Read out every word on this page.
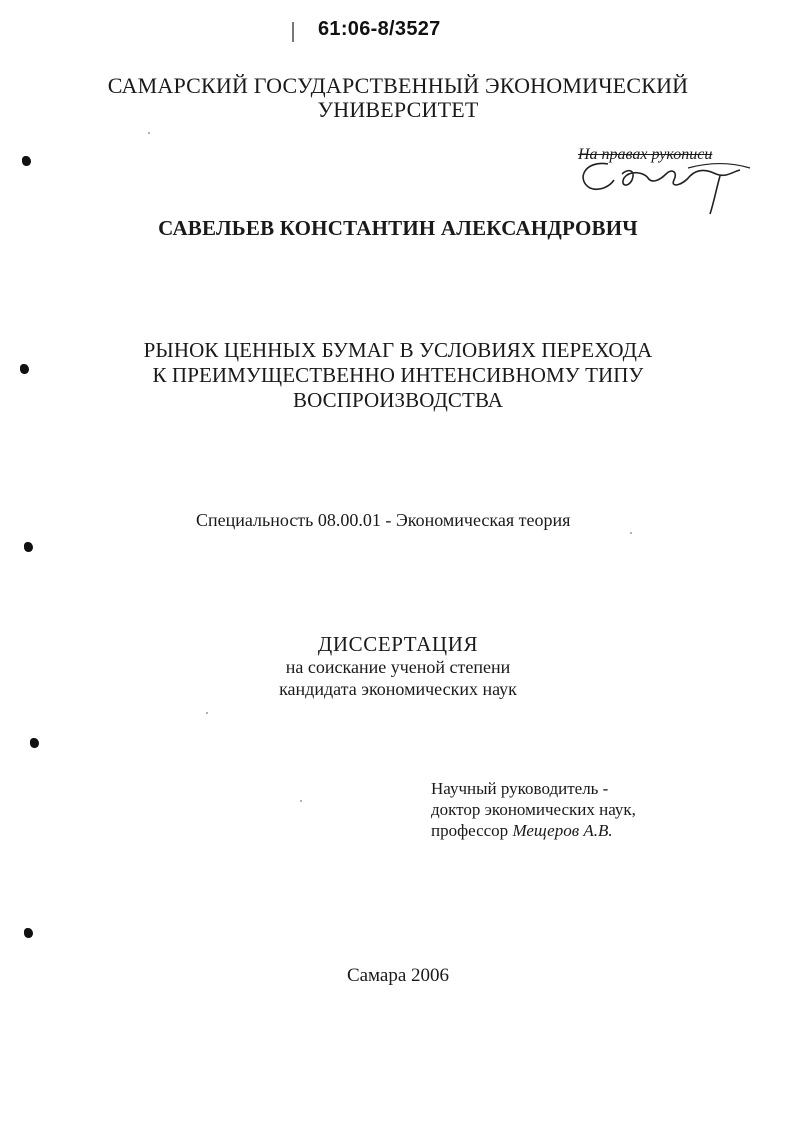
61:06-8/3527
САМАРСКИЙ ГОСУДАРСТВЕННЫЙ ЭКОНОМИЧЕСКИЙ
УНИВЕРСИТЕТ
На правах рукописи
САВЕЛЬЕВ КОНСТАНТИН АЛЕКСАНДРОВИЧ
РЫНОК ЦЕННЫХ БУМАГ В УСЛОВИЯХ ПЕРЕХОДА
К ПРЕИМУЩЕСТВЕННО ИНТЕНСИВНОМУ ТИПУ
ВОСПРОИЗВОДСТВА
Специальность 08.00.01 - Экономическая теория
ДИССЕРТАЦИЯ
на соискание ученой степени
кандидата экономических наук
Научный руководитель -
доктор экономических наук,
профессор Мещеров А.В.
Самара 2006
